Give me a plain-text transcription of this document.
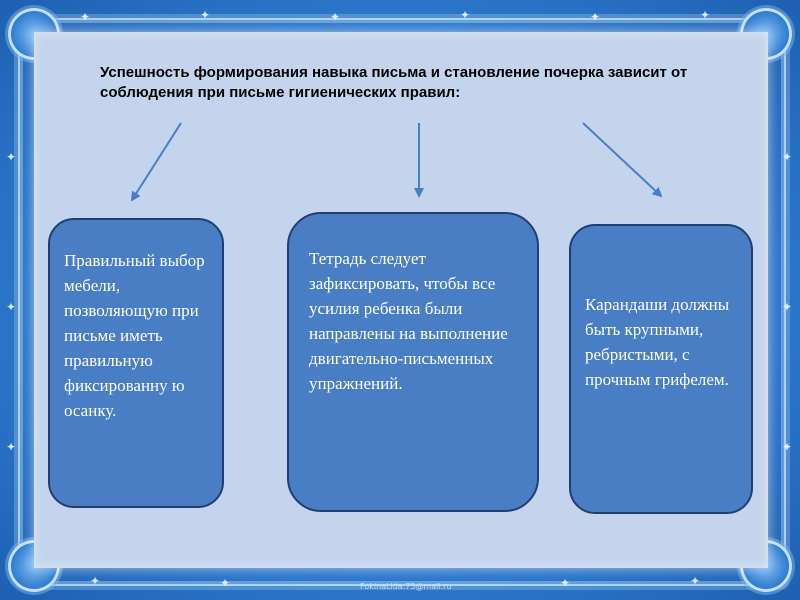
✦	✦	✦	✦	✦	✦
✦	✦	✦	✦
✦
✦
✦
✦
✦
✦
FokinaLida.75@mail.ru

Успешность формирования навыка письма и становление почерка зависит от соблюдения при письме гигиенических правил:

Правильный выбор мебели, позволяющую при письме иметь правильную фиксированну ю осанку.
Тетрадь следует зафиксировать, чтобы все усилия ребенка были направлены на выполнение двигательно-письменных упражнений.
Карандаши должны быть крупными, ребристыми, с прочным грифелем.
